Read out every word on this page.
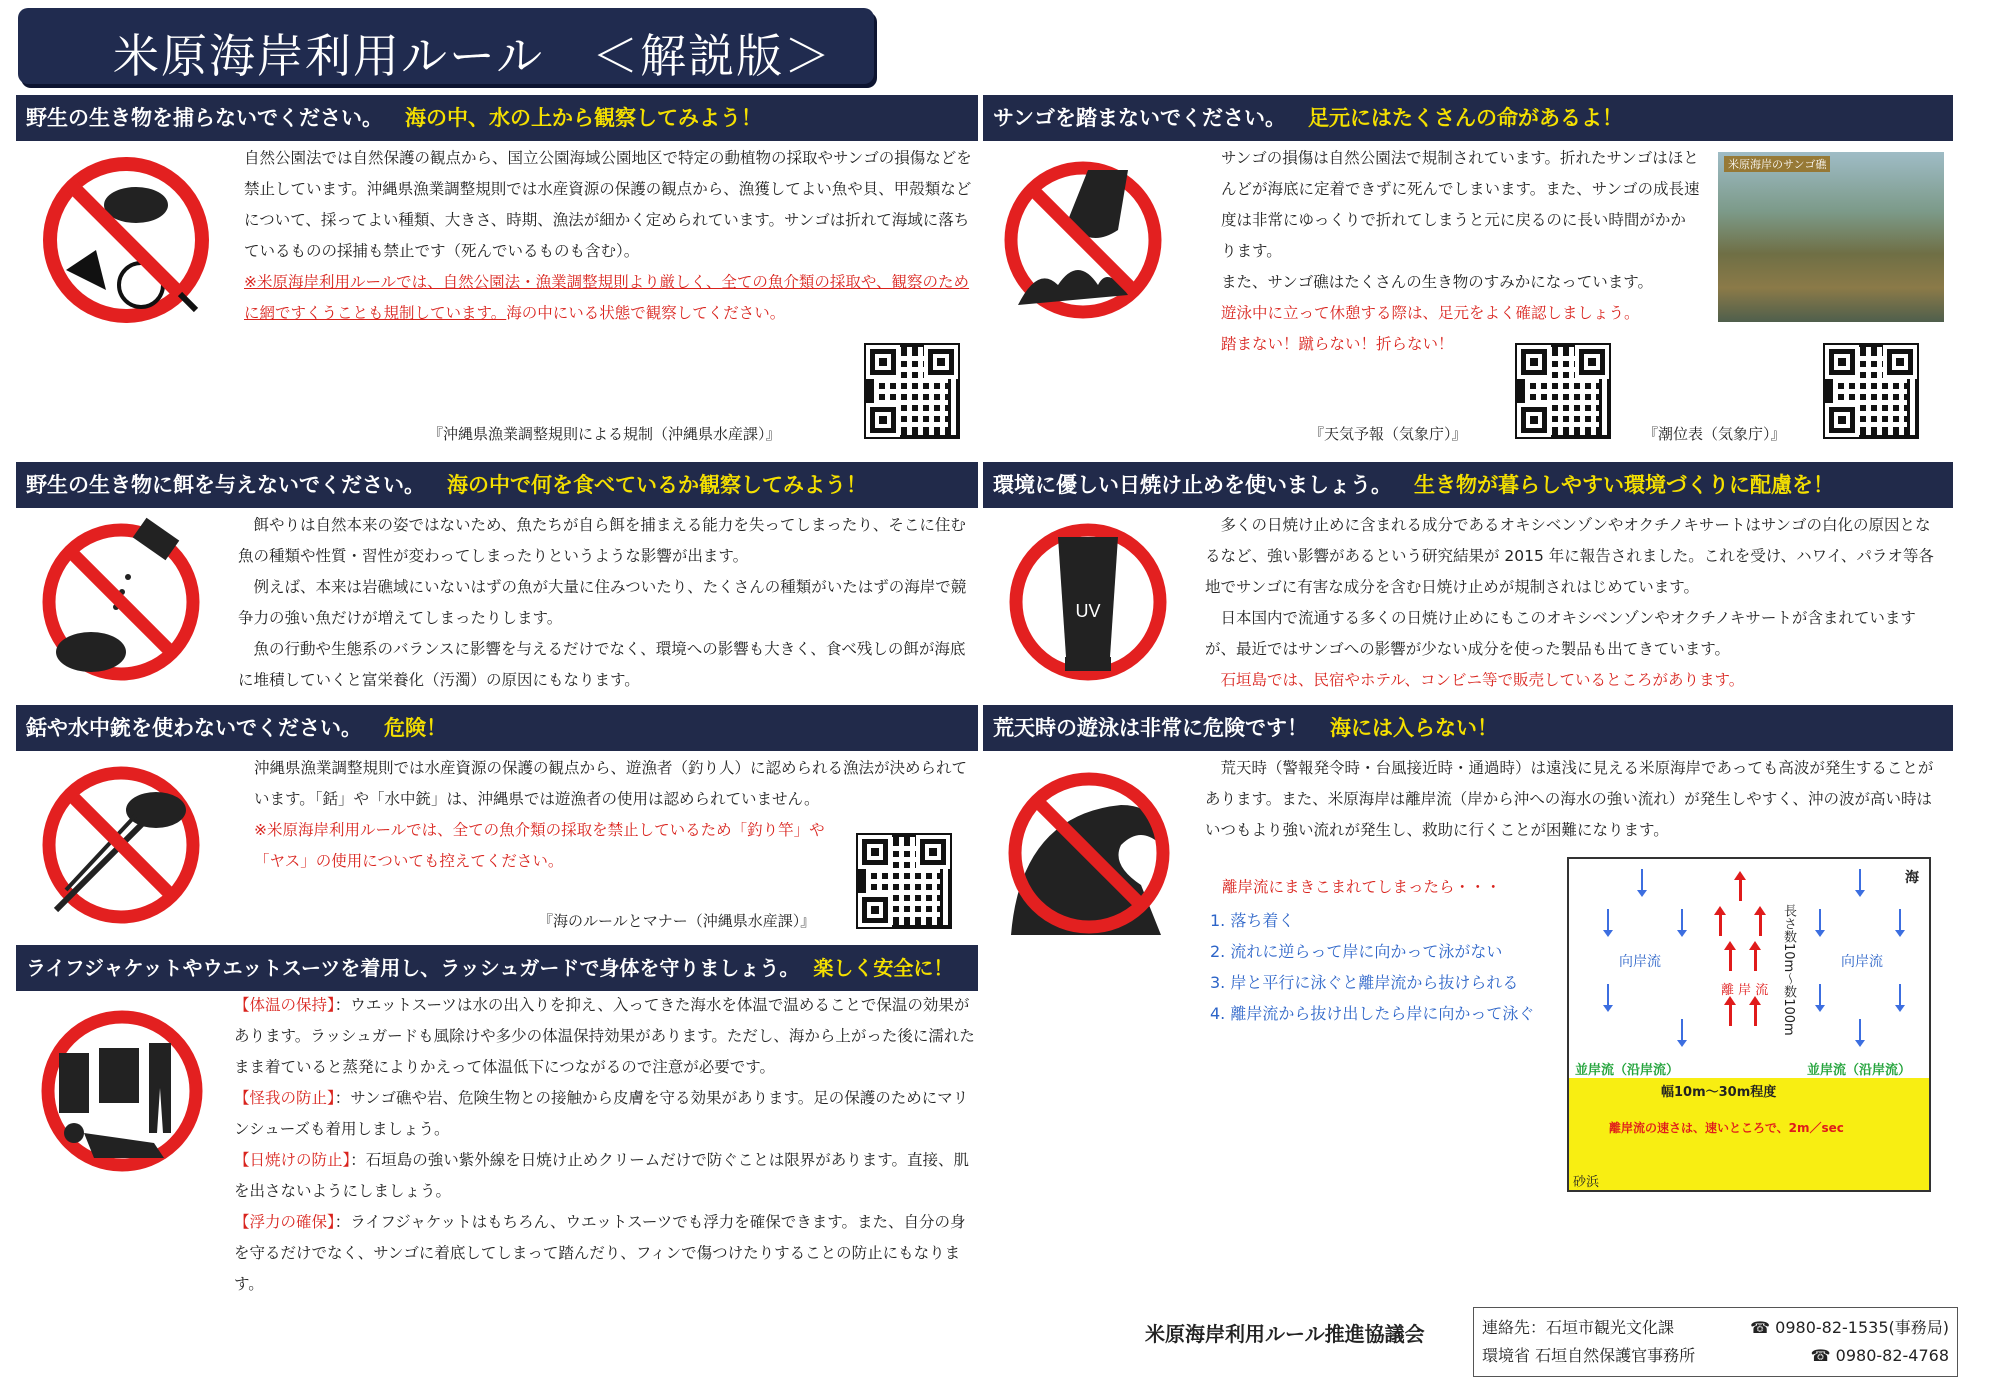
米原海岸利用ルール　＜解説版＞
野生の生き物を捕らないでください。 海の中、水の上から観察してみよう！

自然公園法では自然保護の観点から、国立公園海域公園地区で特定の動植物の採取やサンゴの損傷などを禁止しています。沖縄県漁業調整規則では水産資源の保護の観点から、漁獲してよい魚や貝、甲殻類などについて、採ってよい種類、大きさ、時期、漁法が細かく定められています。サンゴは折れて海域に落ちているものの採捕も禁止です（死んでいるものも含む）。

※米原海岸利用ルールでは、自然公園法・漁業調整規則より厳しく、全ての魚介類の採取や、観察のために網ですくうことも規制しています。海の中にいる状態で観察してください。

『沖縄県漁業調整規則による規制（沖縄県水産課）』
サンゴを踏まないでください。 足元にはたくさんの命があるよ！

サンゴの損傷は自然公園法で規制されています。折れたサンゴはほとんどが海底に定着できずに死んでしまいます。また、サンゴの成長速度は非常にゆっくりで折れてしまうと元に戻るのに長い時間がかかります。

また、サンゴ礁はたくさんの生き物のすみかになっています。

遊泳中に立って休憩する際は、足元をよく確認しましょう。

踏まない！蹴らない！折らない！

『天気予報（気象庁）』	『潮位表（気象庁）』
米原海岸のサンゴ礁
野生の生き物に餌を与えないでください。 海の中で何を食べているか観察してみよう！

餌やりは自然本来の姿ではないため、魚たちが自ら餌を捕まえる能力を失ってしまったり、そこに住む魚の種類や性質・習性が変わってしまったりというような影響が出ます。

例えば、本来は岩礁域にいないはずの魚が大量に住みついたり、たくさんの種類がいたはずの海岸で競争力の強い魚だけが増えてしまったりします。

魚の行動や生態系のバランスに影響を与えるだけでなく、環境への影響も大きく、食べ残しの餌が海底に堆積していくと富栄養化（汚濁）の原因にもなります。

環境に優しい日焼け止めを使いましょう。 生き物が暮らしやすい環境づくりに配慮を！
UV

多くの日焼け止めに含まれる成分であるオキシベンゾンやオクチノキサートはサンゴの白化の原因となるなど、強い影響があるという研究結果が 2015 年に報告されました。これを受け、ハワイ、パラオ等各地でサンゴに有害な成分を含む日焼け止めが規制されはじめています。

日本国内で流通する多くの日焼け止めにもこのオキシベンゾンやオクチノキサートが含まれていますが、最近ではサンゴへの影響が少ない成分を使った製品も出てきています。

石垣島では、民宿やホテル、コンビニ等で販売しているところがあります。

銛や水中銃を使わないでください。 危険！

沖縄県漁業調整規則では水産資源の保護の観点から、遊漁者（釣り人）に認められる漁法が決められています。「銛」や「水中銃」は、沖縄県では遊漁者の使用は認められていません。

※米原海岸利用ルールでは、全ての魚介類の採取を禁止しているため「釣り竿」や「ヤス」の使用についても控えてください。

『海のルールとマナー（沖縄県水産課）』
荒天時の遊泳は非常に危険です！ 海には入らない！

荒天時（警報発令時・台風接近時・通過時）は遠浅に見える米原海岸であっても高波が発生することがあります。また、米原海岸は離岸流（岸から沖への海水の強い流れ）が発生しやすく、沖の波が高い時はいつもより強い流れが発生し、救助に行くことが困難になります。

離岸流にまきこまれてしまったら・・・

1. 落ち着く

2. 流れに逆らって岸に向かって泳がない

3. 岸と平行に泳ぐと離岸流から抜けられる

4. 離岸流から抜け出したら岸に向かって泳ぐ

海
向岸流	向岸流
離 岸 流 長さ数10m〜数100m
並岸流（沿岸流）	並岸流（沿岸流）
幅10m〜30m程度
離岸流の速さは、速いところで、2m／sec
砂浜
ライフジャケットやウエットスーツを着用し、ラッシュガードで身体を守りましょう。 楽しく安全に！

【体温の保持】：ウエットスーツは水の出入りを抑え、入ってきた海水を体温で温めることで保温の効果があります。ラッシュガードも風除けや多少の体温保持効果があります。ただし、海から上がった後に濡れたまま着ていると蒸発によりかえって体温低下につながるので注意が必要です。

【怪我の防止】：サンゴ礁や岩、危険生物との接触から皮膚を守る効果があります。足の保護のためにマリンシューズも着用しましょう。

【日焼けの防止】：石垣島の強い紫外線を日焼け止めクリームだけで防ぐことは限界があります。直接、肌を出さないようにしましょう。

【浮力の確保】：ライフジャケットはもちろん、ウエットスーツでも浮力を確保できます。また、自分の身を守るだけでなく、サンゴに着底してしまって踏んだり、フィンで傷つけたりすることの防止にもなります。

米原海岸利用ルール推進協議会	連絡先：石垣市観光文化課	☎ 0980-82-1535(事務局)
環境省 石垣自然保護官事務所	☎ 0980-82-4768
